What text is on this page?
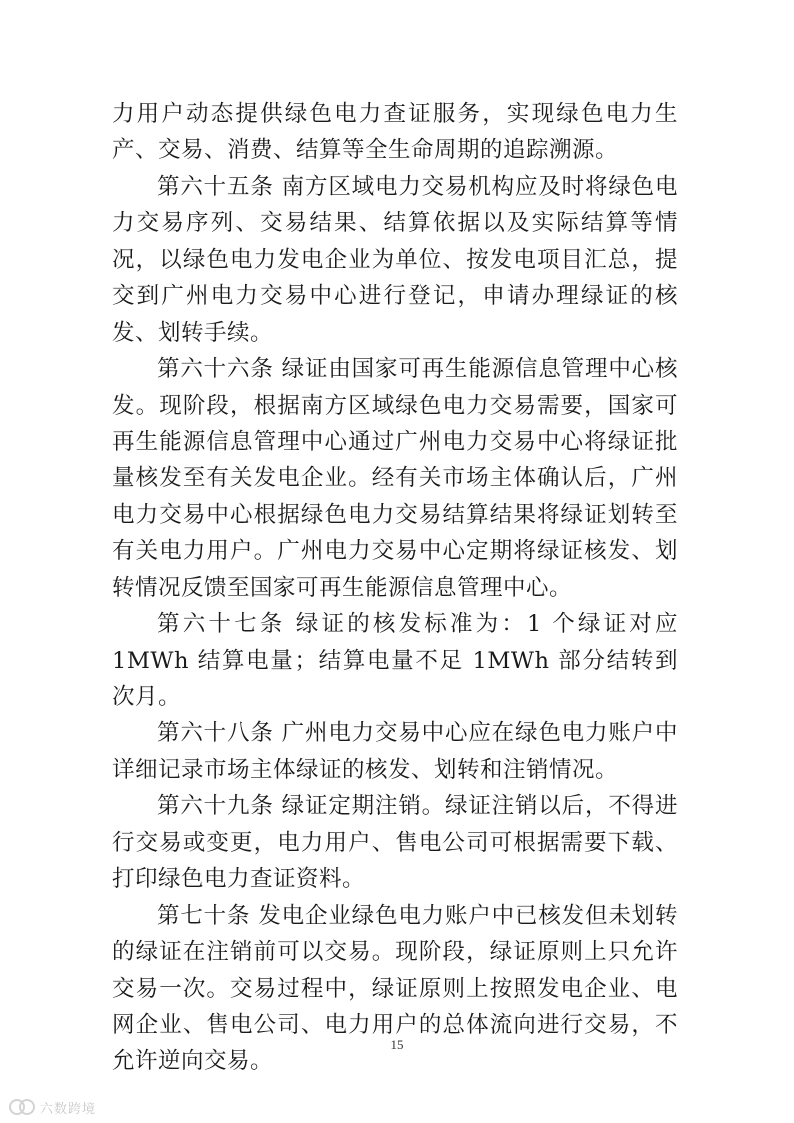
力用户动态提供绿色电力查证服务，实现绿色电力生产、交易、消费、结算等全生命周期的追踪溯源。

第六十五条 南方区域电力交易机构应及时将绿色电力交易序列、交易结果、结算依据以及实际结算等情况，以绿色电力发电企业为单位、按发电项目汇总，提交到广州电力交易中心进行登记，申请办理绿证的核发、划转手续。

第六十六条 绿证由国家可再生能源信息管理中心核发。现阶段，根据南方区域绿色电力交易需要，国家可再生能源信息管理中心通过广州电力交易中心将绿证批量核发至有关发电企业。经有关市场主体确认后，广州电力交易中心根据绿色电力交易结算结果将绿证划转至有关电力用户。广州电力交易中心定期将绿证核发、划转情况反馈至国家可再生能源信息管理中心。

第六十七条 绿证的核发标准为：1 个绿证对应 1MWh 结算电量；结算电量不足 1MWh 部分结转到次月。

第六十八条 广州电力交易中心应在绿色电力账户中详细记录市场主体绿证的核发、划转和注销情况。

第六十九条 绿证定期注销。绿证注销以后，不得进行交易或变更，电力用户、售电公司可根据需要下载、打印绿色电力查证资料。

第七十条 发电企业绿色电力账户中已核发但未划转的绿证在注销前可以交易。现阶段，绿证原则上只允许交易一次。交易过程中，绿证原则上按照发电企业、电网企业、售电公司、电力用户的总体流向进行交易，不允许逆向交易。

15
六数跨境
